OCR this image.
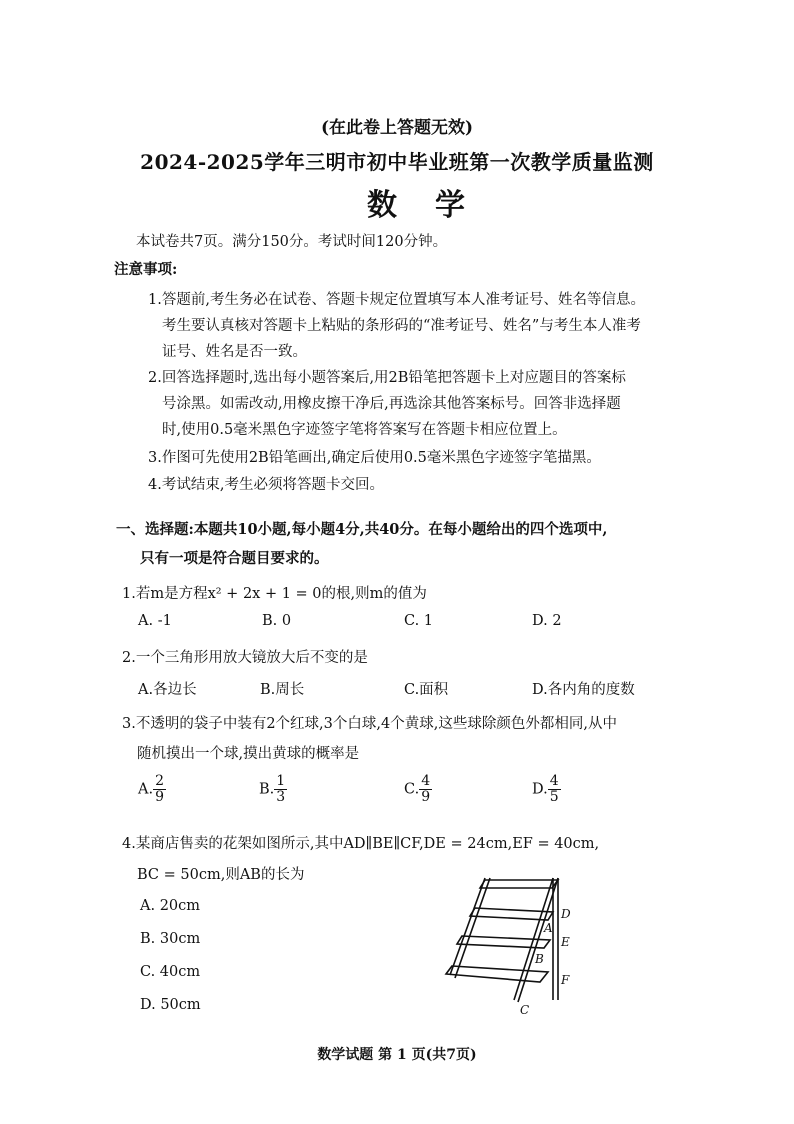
(在此卷上答题无效)
2024-2025学年三明市初中毕业班第一次教学质量监测
数学
本试卷共7页。满分150分。考试时间120分钟。
注意事项:
1.答题前,考生务必在试卷、答题卡规定位置填写本人准考证号、姓名等信息。
考生要认真核对答题卡上粘贴的条形码的“准考证号、姓名”与考生本人准考
证号、姓名是否一致。
2.回答选择题时,选出每小题答案后,用2B铅笔把答题卡上对应题目的答案标
号涂黑。如需改动,用橡皮擦干净后,再选涂其他答案标号。回答非选择题
时,使用0.5毫米黑色字迹签字笔将答案写在答题卡相应位置上。
3.作图可先使用2B铅笔画出,确定后使用0.5毫米黑色字迹签字笔描黑。
4.考试结束,考生必须将答题卡交回。
一、选择题:本题共10小题,每小题4分,共40分。在每小题给出的四个选项中,
只有一项是符合题目要求的。
1.若m是方程x² + 2x + 1 = 0的根,则m的值为
A. -1	B. 0	C. 1	D. 2
2.一个三角形用放大镜放大后不变的是
A.各边长	B.周长	C.面积	D.各内角的度数
3.不透明的袋子中装有2个红球,3个白球,4个黄球,这些球除颜色外都相同,从中
随机摸出一个球,摸出黄球的概率是
A. $\frac{2}{9}$	B. $\frac{1}{3}$	C. $\frac{4}{9}$	D. $\frac{4}{5}$
4.某商店售卖的花架如图所示,其中AD∥BE∥CF,DE = 24cm,EF = 40cm,
BC = 50cm,则AB的长为
A. 20cm
B. 30cm
C. 40cm
D. 50cm
D
A
E
B
F
C
数学试题 第 1 页(共7页)
